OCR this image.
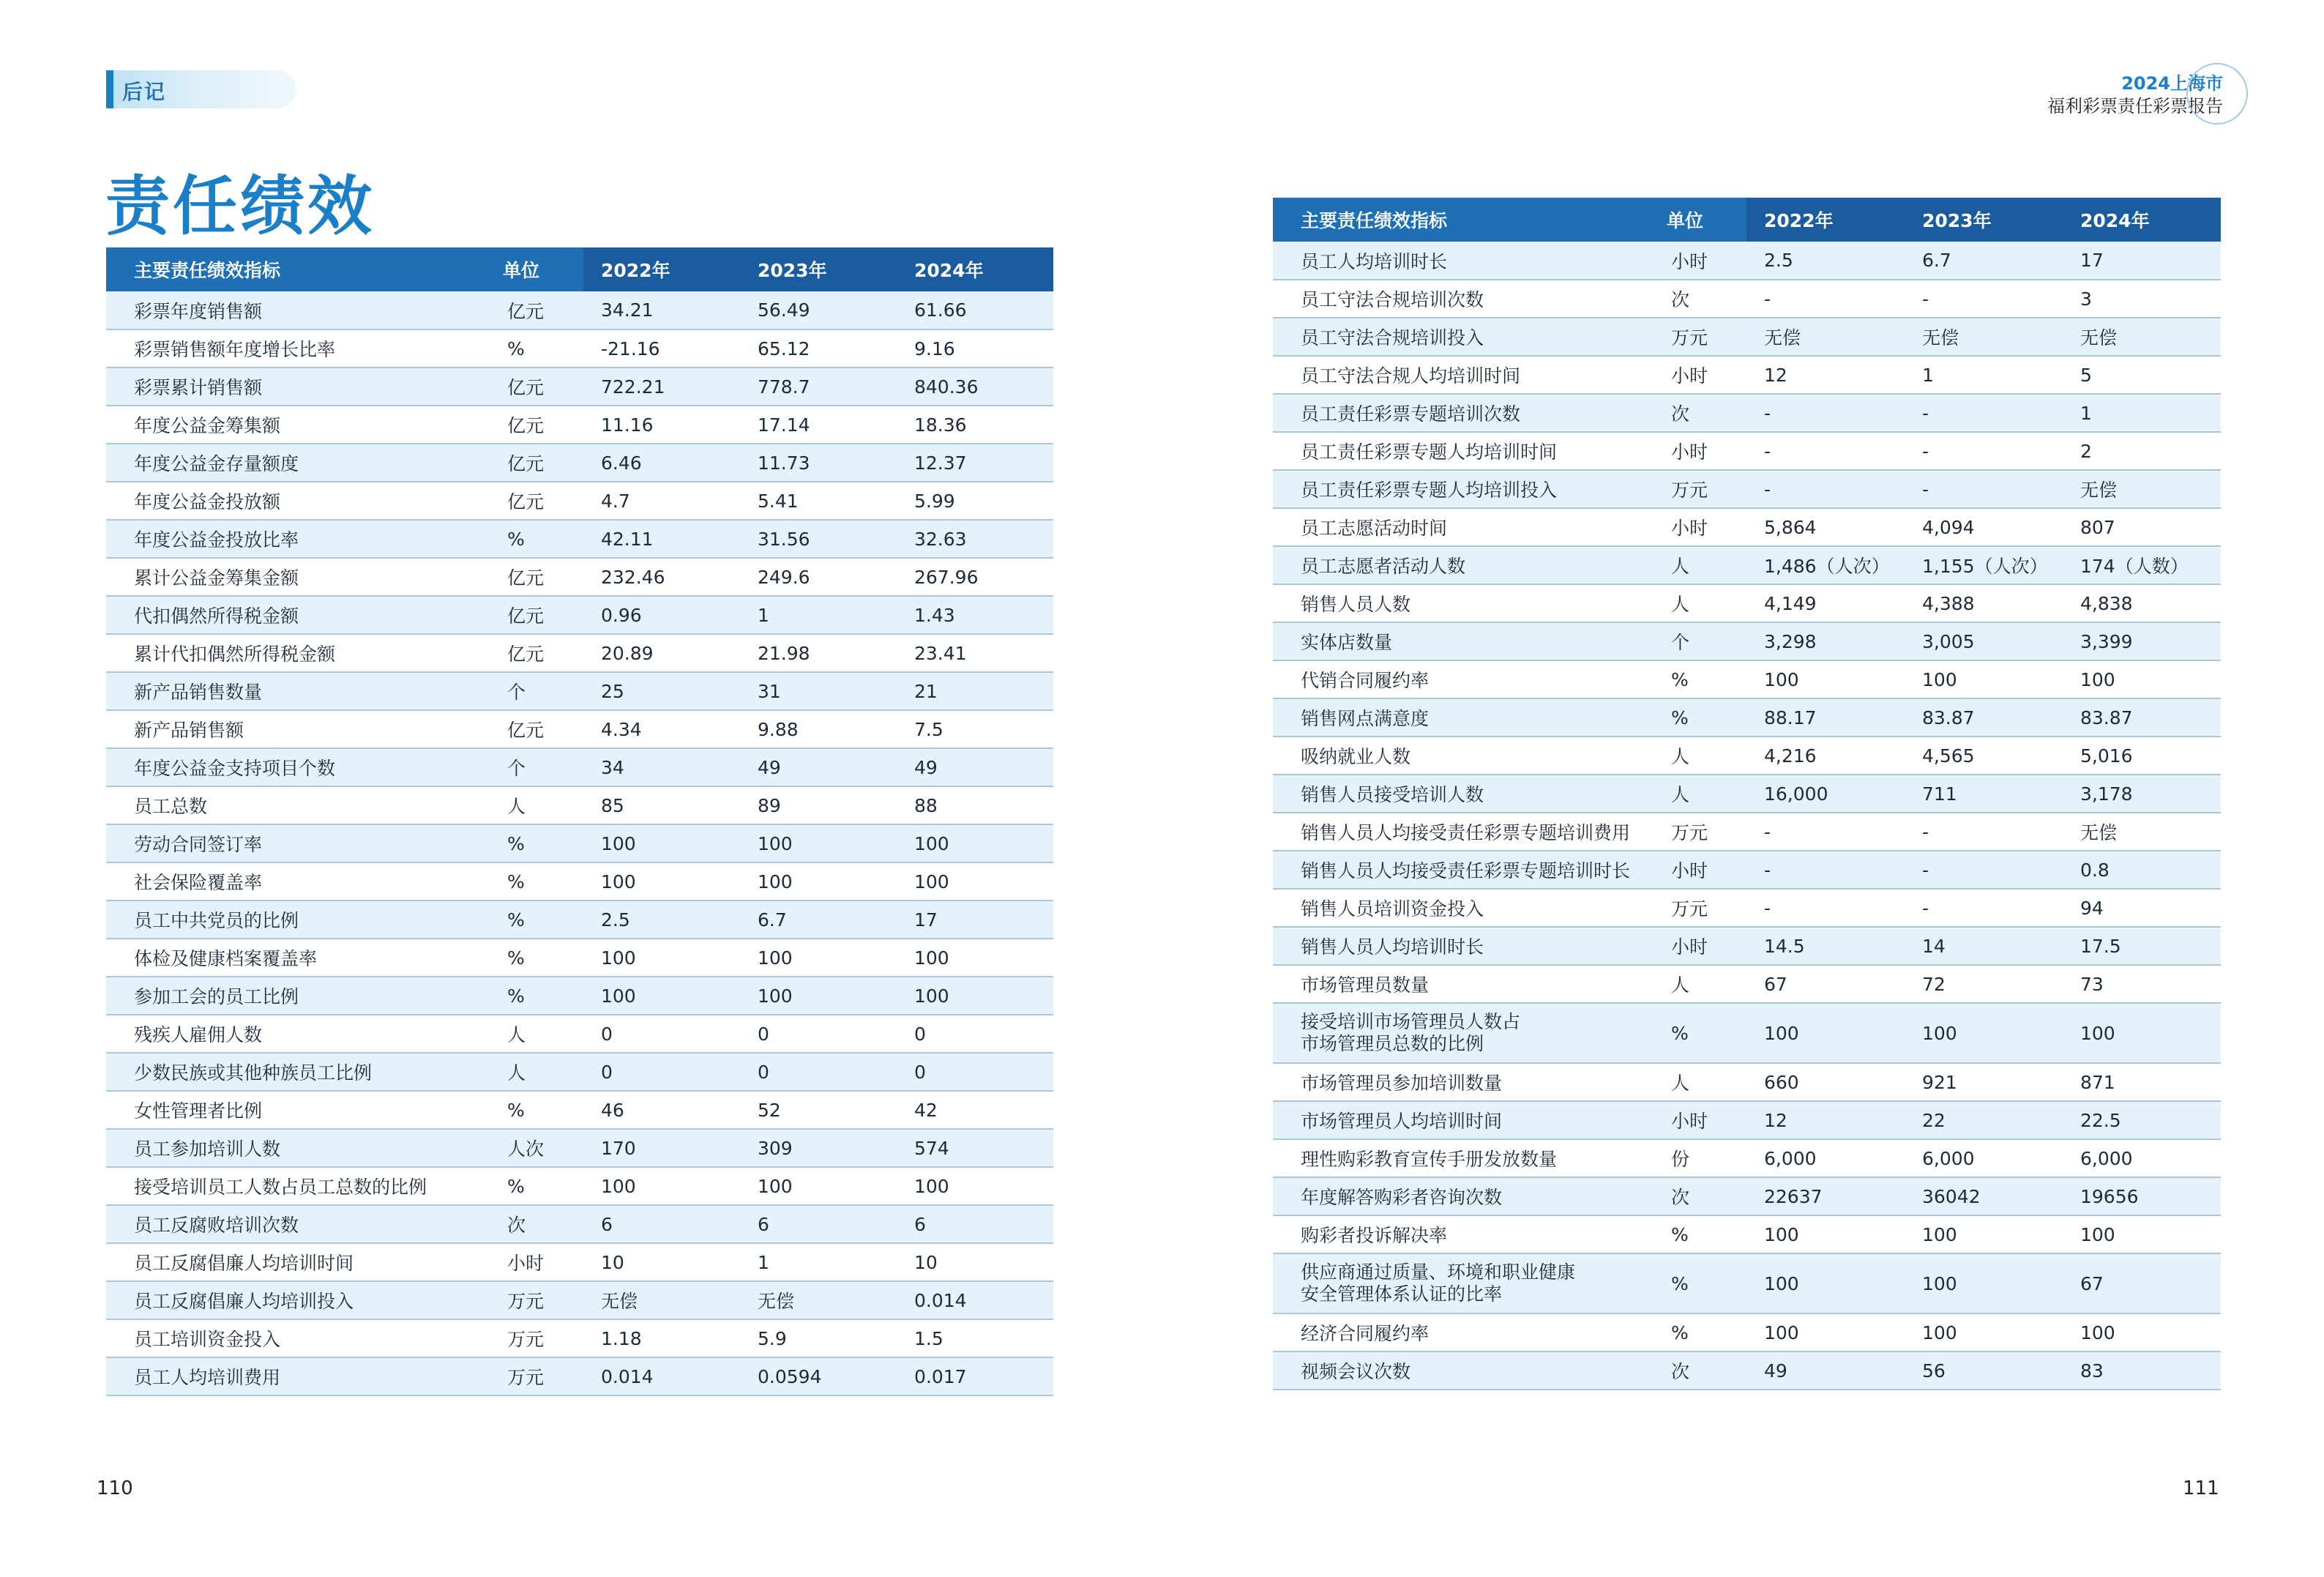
后记	2024上海市
福利彩票责任彩票报告
责任绩效
主要责任绩效指标	单位	2022年	2023年	2024年
彩票年度销售额	亿元	34.21	56.49	61.66
彩票销售额年度增长比率	%	-21.16	65.12	9.16
彩票累计销售额	亿元	722.21	778.7	840.36
年度公益金筹集额	亿元	11.16	17.14	18.36
年度公益金存量额度	亿元	6.46	11.73	12.37
年度公益金投放额	亿元	4.7	5.41	5.99
年度公益金投放比率	%	42.11	31.56	32.63
累计公益金筹集金额	亿元	232.46	249.6	267.96
代扣偶然所得税金额	亿元	0.96	1	1.43
累计代扣偶然所得税金额	亿元	20.89	21.98	23.41
新产品销售数量	个	25	31	21
新产品销售额	亿元	4.34	9.88	7.5
年度公益金支持项目个数	个	34	49	49
员工总数	人	85	89	88
劳动合同签订率	%	100	100	100
社会保险覆盖率	%	100	100	100
员工中共党员的比例	%	2.5	6.7	17
体检及健康档案覆盖率	%	100	100	100
参加工会的员工比例	%	100	100	100
残疾人雇佣人数	人	0	0	0
少数民族或其他种族员工比例	人	0	0	0
女性管理者比例	%	46	52	42
员工参加培训人数	人次	170	309	574
接受培训员工人数占员工总数的比例	%	100	100	100
员工反腐败培训次数	次	6	6	6
员工反腐倡廉人均培训时间	小时	10	1	10
员工反腐倡廉人均培训投入	万元	无偿	无偿	0.014
员工培训资金投入	万元	1.18	5.9	1.5
员工人均培训费用	万元	0.014	0.0594	0.017
主要责任绩效指标	单位	2022年	2023年	2024年
员工人均培训时长	小时	2.5	6.7	17
员工守法合规培训次数	次	-	-	3
员工守法合规培训投入	万元	无偿	无偿	无偿
员工守法合规人均培训时间	小时	12	1	5
员工责任彩票专题培训次数	次	-	-	1
员工责任彩票专题人均培训时间	小时	-	-	2
员工责任彩票专题人均培训投入	万元	-	-	无偿
员工志愿活动时间	小时	5,864	4,094	807
员工志愿者活动人数	人	1,486（人次）	1,155（人次）	174（人数）
销售人员人数	人	4,149	4,388	4,838
实体店数量	个	3,298	3,005	3,399
代销合同履约率	%	100	100	100
销售网点满意度	%	88.17	83.87	83.87
吸纳就业人数	人	4,216	4,565	5,016
销售人员接受培训人数	人	16,000	711	3,178
销售人员人均接受责任彩票专题培训费用	万元	-	-	无偿
销售人员人均接受责任彩票专题培训时长	小时	-	-	0.8
销售人员培训资金投入	万元	-	-	94
销售人员人均培训时长	小时	14.5	14	17.5
市场管理员数量	人	67	72	73
接受培训市场管理员人数占
市场管理员总数的比例	%	100	100	100
市场管理员参加培训数量	人	660	921	871
市场管理员人均培训时间	小时	12	22	22.5
理性购彩教育宣传手册发放数量	份	6,000	6,000	6,000
年度解答购彩者咨询次数	次	22637	36042	19656
购彩者投诉解决率	%	100	100	100
供应商通过质量、环境和职业健康
安全管理体系认证的比率	%	100	100	67
经济合同履约率	%	100	100	100
视频会议次数	次	49	56	83
110	111
